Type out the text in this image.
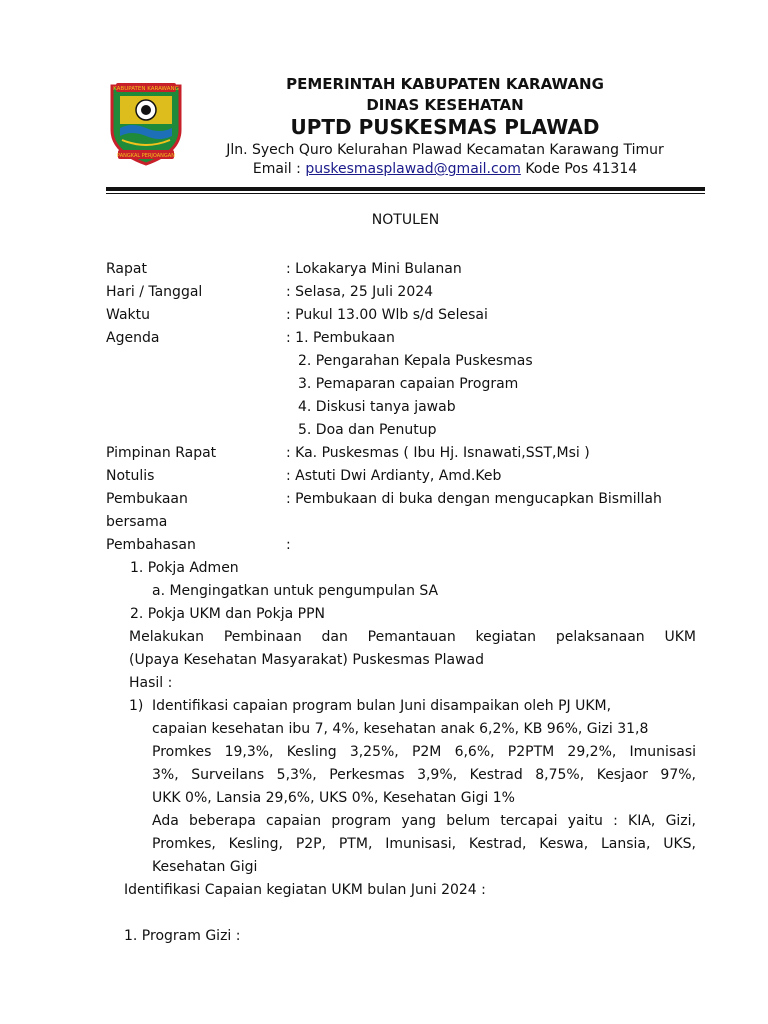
KABUPATEN KARAWANG
PANGKAL PERJOANGAN
PEMERINTAH KABUPATEN KARAWANG
DINAS KESEHATAN
UPTD PUSKESMAS PLAWAD
Jln. Syech Quro Kelurahan Plawad Kecamatan Karawang Timur
Email : puskesmasplawad@gmail.com Kode Pos 41314
NOTULEN
Rapat	: Lokakarya Mini Bulanan
Hari / Tanggal	: Selasa, 25 Juli 2024
Waktu	: Pukul 13.00 Wlb s/d Selesai
Agenda	: 1. Pembukaan
2. Pengarahan Kepala Puskesmas
3. Pemaparan capaian Program
4. Diskusi tanya jawab
5. Doa dan Penutup
Pimpinan Rapat	: Ka. Puskesmas ( Ibu Hj. Isnawati,SST,Msi )
Notulis	: Astuti Dwi Ardianty, Amd.Keb
Pembukaan	: Pembukaan di buka dengan mengucapkan Bismillah
bersama
Pembahasan	:
1. Pokja Admen
a. Mengingatkan untuk pengumpulan SA
2. Pokja UKM dan Pokja PPN
Melakukan Pembinaan dan Pemantauan kegiatan pelaksanaan UKM
(Upaya Kesehatan Masyarakat) Puskesmas Plawad
Hasil :
1) Identifikasi capaian program bulan Juni disampaikan oleh PJ UKM,
capaian kesehatan ibu 7, 4%, kesehatan anak 6,2%, KB 96%, Gizi 31,8
Promkes 19,3%, Kesling 3,25%, P2M 6,6%, P2PTM 29,2%, Imunisasi
3%, Surveilans 5,3%, Perkesmas 3,9%, Kestrad 8,75%, Kesjaor 97%,
UKK 0%, Lansia 29,6%, UKS 0%, Kesehatan Gigi 1%
Ada beberapa capaian program yang belum tercapai yaitu : KIA, Gizi,
Promkes, Kesling, P2P, PTM, Imunisasi, Kestrad, Keswa, Lansia, UKS,
Kesehatan Gigi
Identifikasi Capaian kegiatan UKM bulan Juni 2024 :
1. Program Gizi :
